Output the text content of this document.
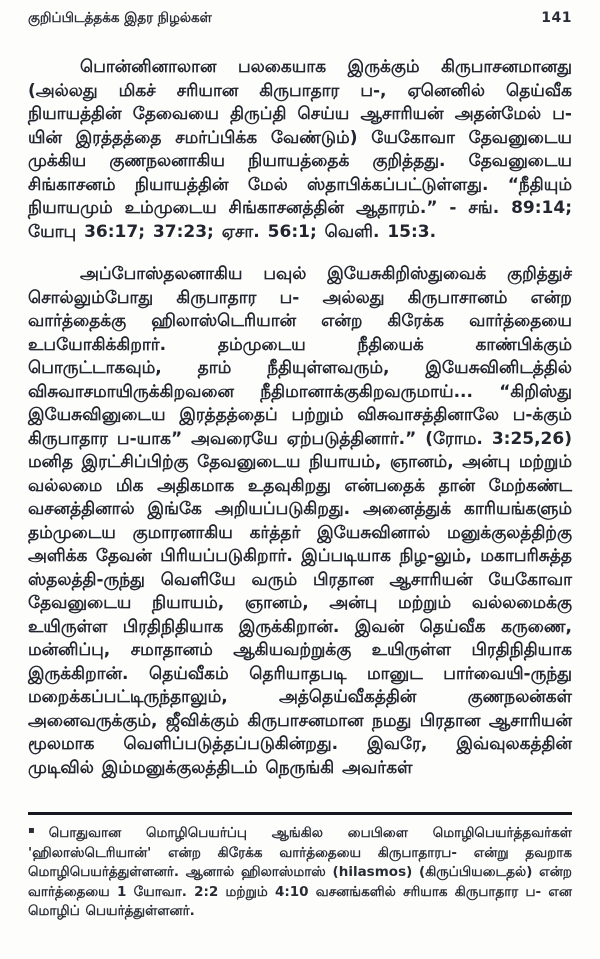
குறிப்பிடத்தக்க இதர நிழல்கள்	141

பொன்னினாலான பலகையாக இருக்கும் கிருபாசனமானது (அல்லது மிகச் சரியான கிருபாதார ப-, ஏனெனில் தெய்வீக நியாயத்தின் தேவையை திருப்தி செய்ய ஆசாரியன் அதன்மேல் ப-யின் இரத்தத்தை சமர்ப்பிக்க வேண்டும்) யேகோவா தேவனுடைய முக்கிய குணநலனாகிய நியாயத்தைக் குறித்தது. தேவனுடைய சிங்காசனம் நியாயத்தின் மேல் ஸ்தாபிக்கப்பட்டுள்ளது. “நீதியும் நியாயமும் உம்முடைய சிங்காசனத்தின் ஆதாரம்.” - சங். 89:14; யோபு 36:17; 37:23; ஏசா. 56:1; வெளி. 15:3.

அப்போஸ்தலனாகிய பவுல் இயேசுகிறிஸ்துவைக் குறித்துச் சொல்லும்போது கிருபாதார ப- அல்லது கிருபாசானம் என்ற வார்த்தைக்கு ஹிலாஸ்டெரியான் என்ற கிரேக்க வார்த்தையை உபயோகிக்கிறார். தம்முடைய நீதியைக் காண்பிக்கும் பொருட்டாகவும், தாம் நீதியுள்ளவரும், இயேசுவினிடத்தில் விசுவாசமாயிருக்கிறவனை நீதிமானாக்குகிறவருமாய்... “கிறிஸ்து இயேசுவினுடைய இரத்தத்தைப் பற்றும் விசுவாசத்தினாலே ப-க்கும் கிருபாதார ப-யாக” அவரையே ஏற்படுத்தினார்.” (ரோம. 3:25,26) மனித இரட்சிப்பிற்கு தேவனுடைய நியாயம், ஞானம், அன்பு மற்றும் வல்லமை மிக அதிகமாக உதவுகிறது என்பதைக் தான் மேற்கண்ட வசனத்தினால் இங்கே அறியப்படுகிறது. அனைத்துக் காரியங்களும் தம்முடைய குமாரனாகிய கர்த்தர் இயேசுவினால் மனுக்குலத்திற்கு அளிக்க தேவன் பிரியப்படுகிறார். இப்படியாக நிழ-லும், மகாபரிசுத்த ஸ்தலத்தி-ருந்து வெளியே வரும் பிரதான ஆசாரியன் யேகோவா தேவனுடைய நியாயம், ஞானம், அன்பு மற்றும் வல்லமைக்கு உயிருள்ள பிரதிநிதியாக இருக்கிறான். இவன் தெய்வீக கருணை, மன்னிப்பு, சமாதானம் ஆகியவற்றுக்கு உயிருள்ள பிரதிநிதியாக இருக்கிறான். தெய்வீகம் தெரியாதபடி மானுட பார்வையி-ருந்து மறைக்கப்பட்டிருந்தாலும், அத்தெய்வீகத்தின் குணநலன்கள் அனைவருக்கும், ஜீவிக்கும் கிருபாசனமான நமது பிரதான ஆசாரியன் மூலமாக வெளிப்படுத்தப்படுகின்றது. இவரே, இவ்வுலகத்தின் முடிவில் இம்மனுக்குலத்திடம் நெருங்கி அவர்கள்

▪ பொதுவான மொழிபெயர்ப்பு ஆங்கில பைபிளை மொழிபெயர்த்தவர்கள் 'ஹிலாஸ்டெரியான்' என்ற கிரேக்க வார்த்தையை கிருபாதாரப- என்று தவறாக மொழிபெயர்த்துள்ளனர். ஆனால் ஹிலாஸ்மாஸ் (hilasmos) (கிருப்பியடைதல்) என்ற வார்த்தையை 1 யோவா. 2:2 மற்றும் 4:10 வசனங்களில் சரியாக கிருபாதார ப- என மொழிப் பெயர்த்துள்ளனர்.
